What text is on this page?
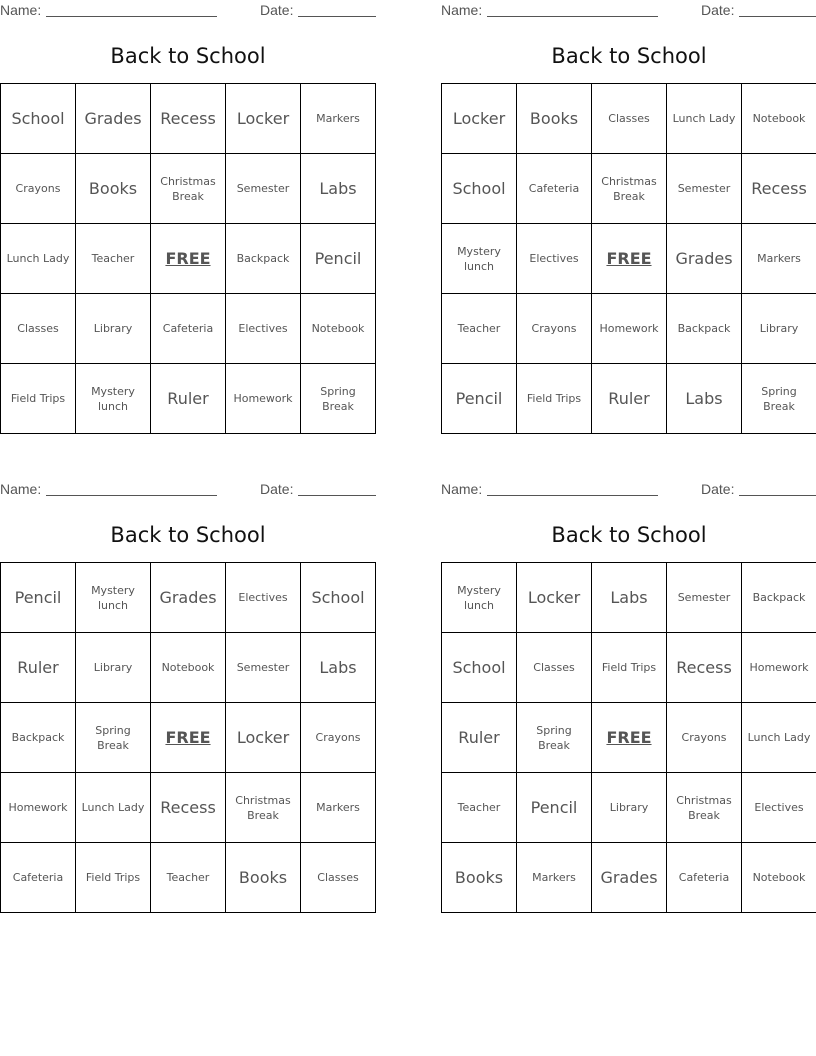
Name:	Date:
Back to School
School	Grades	Recess	Locker	Markers
Crayons	Books	Christmas Break	Semester	Labs
Lunch Lady	Teacher	FREE	Backpack	Pencil
Classes	Library	Cafeteria	Electives	Notebook
Field Trips	Mystery lunch	Ruler	Homework	Spring Break
Name:	Date:
Back to School
Locker	Books	Classes	Lunch Lady	Notebook
School	Cafeteria	Christmas Break	Semester	Recess
Mystery lunch	Electives	FREE	Grades	Markers
Teacher	Crayons	Homework	Backpack	Library
Pencil	Field Trips	Ruler	Labs	Spring Break
Name:	Date:
Back to School
Pencil	Mystery lunch	Grades	Electives	School
Ruler	Library	Notebook	Semester	Labs
Backpack	Spring Break	FREE	Locker	Crayons
Homework	Lunch Lady	Recess	Christmas Break	Markers
Cafeteria	Field Trips	Teacher	Books	Classes
Name:	Date:
Back to School
Mystery lunch	Locker	Labs	Semester	Backpack
School	Classes	Field Trips	Recess	Homework
Ruler	Spring Break	FREE	Crayons	Lunch Lady
Teacher	Pencil	Library	Christmas Break	Electives
Books	Markers	Grades	Cafeteria	Notebook
